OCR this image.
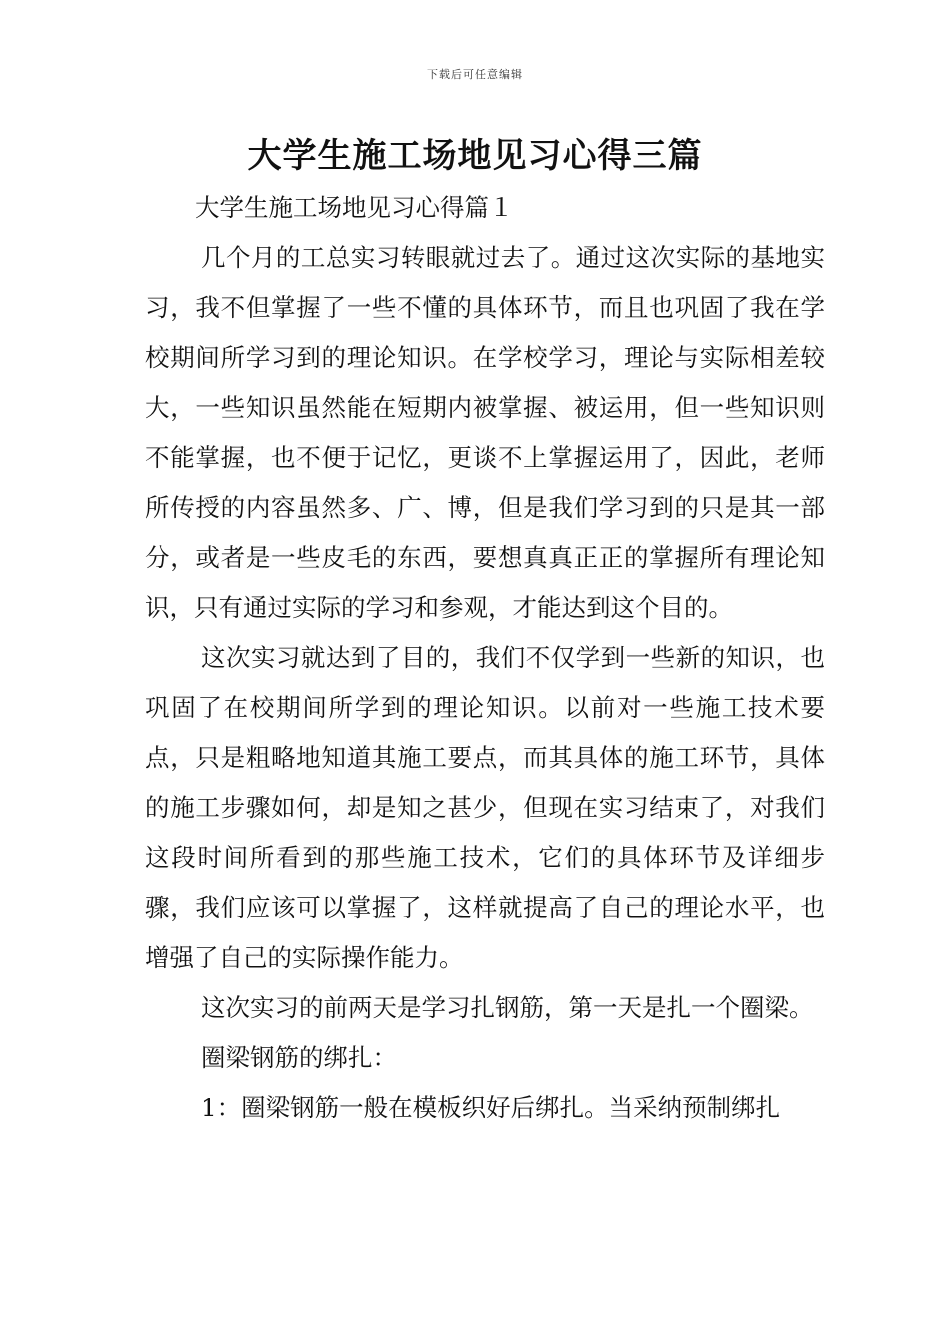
下载后可任意编辑
大学生施工场地见习心得三篇

大学生施工场地见习心得篇１

几个月的工总实习转眼就过去了。通过这次实际的基地实习，我不但掌握了一些不懂的具体环节，而且也巩固了我在学校期间所学习到的理论知识。在学校学习，理论与实际相差较大，一些知识虽然能在短期内被掌握、被运用，但一些知识则不能掌握，也不便于记忆，更谈不上掌握运用了，因此，老师所传授的内容虽然多、广、博，但是我们学习到的只是其一部分，或者是一些皮毛的东西，要想真真正正的掌握所有理论知识，只有通过实际的学习和参观，才能达到这个目的。

这次实习就达到了目的，我们不仅学到一些新的知识，也巩固了在校期间所学到的理论知识。以前对一些施工技术要点，只是粗略地知道其施工要点，而其具体的施工环节，具体的施工步骤如何，却是知之甚少，但现在实习结束了，对我们这段时间所看到的那些施工技术，它们的具体环节及详细步骤，我们应该可以掌握了，这样就提高了自己的理论水平，也增强了自己的实际操作能力。

这次实习的前两天是学习扎钢筋，第一天是扎一个圈梁。

圈梁钢筋的绑扎：

1：圈梁钢筋一般在模板织好后绑扎。当采纳预制绑扎
